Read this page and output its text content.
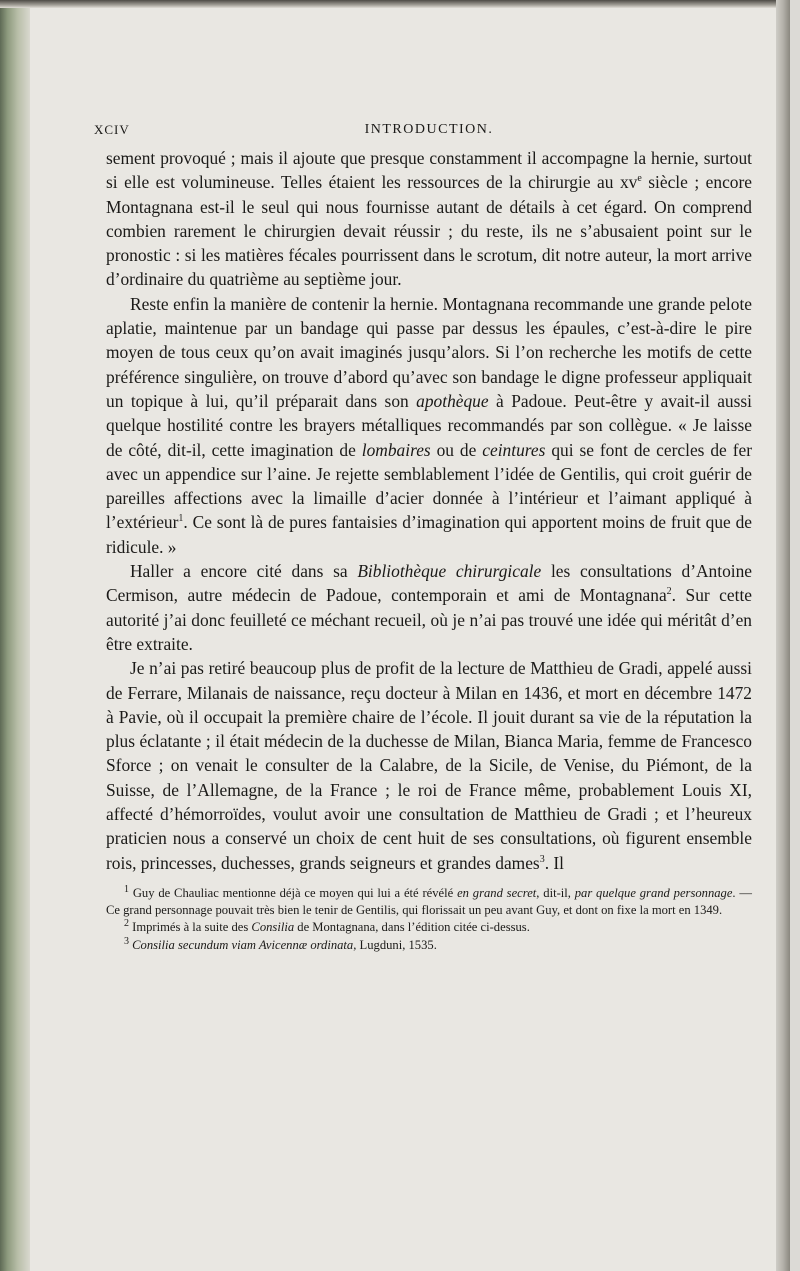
XCIV	INTRODUCTION.

sement provoqué ; mais il ajoute que presque constamment il accompagne la hernie, surtout si elle est volumineuse. Telles étaient les ressources de la chirurgie au $xv^e$ siècle ; encore Montagnana est-il le seul qui nous fournisse autant de détails à cet égard. On comprend combien rarement le chirurgien devait réussir ; du reste, ils ne s’abusaient point sur le pronostic : si les matières fécales pourrissent dans le scrotum, dit notre auteur, la mort arrive d’ordinaire du quatrième au septième jour.

Reste enfin la manière de contenir la hernie. Montagnana recommande une grande pelote aplatie, maintenue par un bandage qui passe par dessus les épaules, c’est-à-dire le pire moyen de tous ceux qu’on avait imaginés jusqu’alors. Si l’on recherche les motifs de cette préférence singulière, on trouve d’abord qu’avec son bandage le digne professeur appliquait un topique à lui, qu’il préparait dans son apothèque à Padoue. Peut-être y avait-il aussi quelque hostilité contre les brayers métalliques recommandés par son collègue. « Je laisse de côté, dit-il, cette imagination de lombaires ou de ceintures qui se font de cercles de fer avec un appendice sur l’aine. Je rejette semblablement l’idée de Gentilis, qui croit guérir de pareilles affections avec la limaille d’acier donnée à l’intérieur et l’aimant appliqué à l’extérieur$^1$. Ce sont là de pures fantaisies d’imagination qui apportent moins de fruit que de ridicule. »

Haller a encore cité dans sa Bibliothèque chirurgicale les consultations d’Antoine Cermison, autre médecin de Padoue, contemporain et ami de Montagnana$^2$. Sur cette autorité j’ai donc feuilleté ce méchant recueil, où je n’ai pas trouvé une idée qui méritât d’en être extraite.

Je n’ai pas retiré beaucoup plus de profit de la lecture de Matthieu de Gradi, appelé aussi de Ferrare, Milanais de naissance, reçu docteur à Milan en 1436, et mort en décembre 1472 à Pavie, où il occupait la première chaire de l’école. Il jouit durant sa vie de la réputation la plus éclatante ; il était médecin de la duchesse de Milan, Bianca Maria, femme de Francesco Sforce ; on venait le consulter de la Calabre, de la Sicile, de Venise, du Piémont, de la Suisse, de l’Allemagne, de la France ; le roi de France même, probablement Louis XI, affecté d’hémorroïdes, voulut avoir une consultation de Matthieu de Gradi ; et l’heureux praticien nous a conservé un choix de cent huit de ses consultations, où figurent ensemble rois, princesses, duchesses, grands seigneurs et grandes dames$^3$. Il

$^1$ Guy de Chauliac mentionne déjà ce moyen qui lui a été révélé en grand secret, dit-il, par quelque grand personnage. — Ce grand personnage pouvait très bien le tenir de Gentilis, qui florissait un peu avant Guy, et dont on fixe la mort en 1349.

$^2$ Imprimés à la suite des Consilia de Montagnana, dans l’édition citée ci-dessus.

$^3$ Consilia secundum viam Avicennæ ordinata, Lugduni, 1535.
